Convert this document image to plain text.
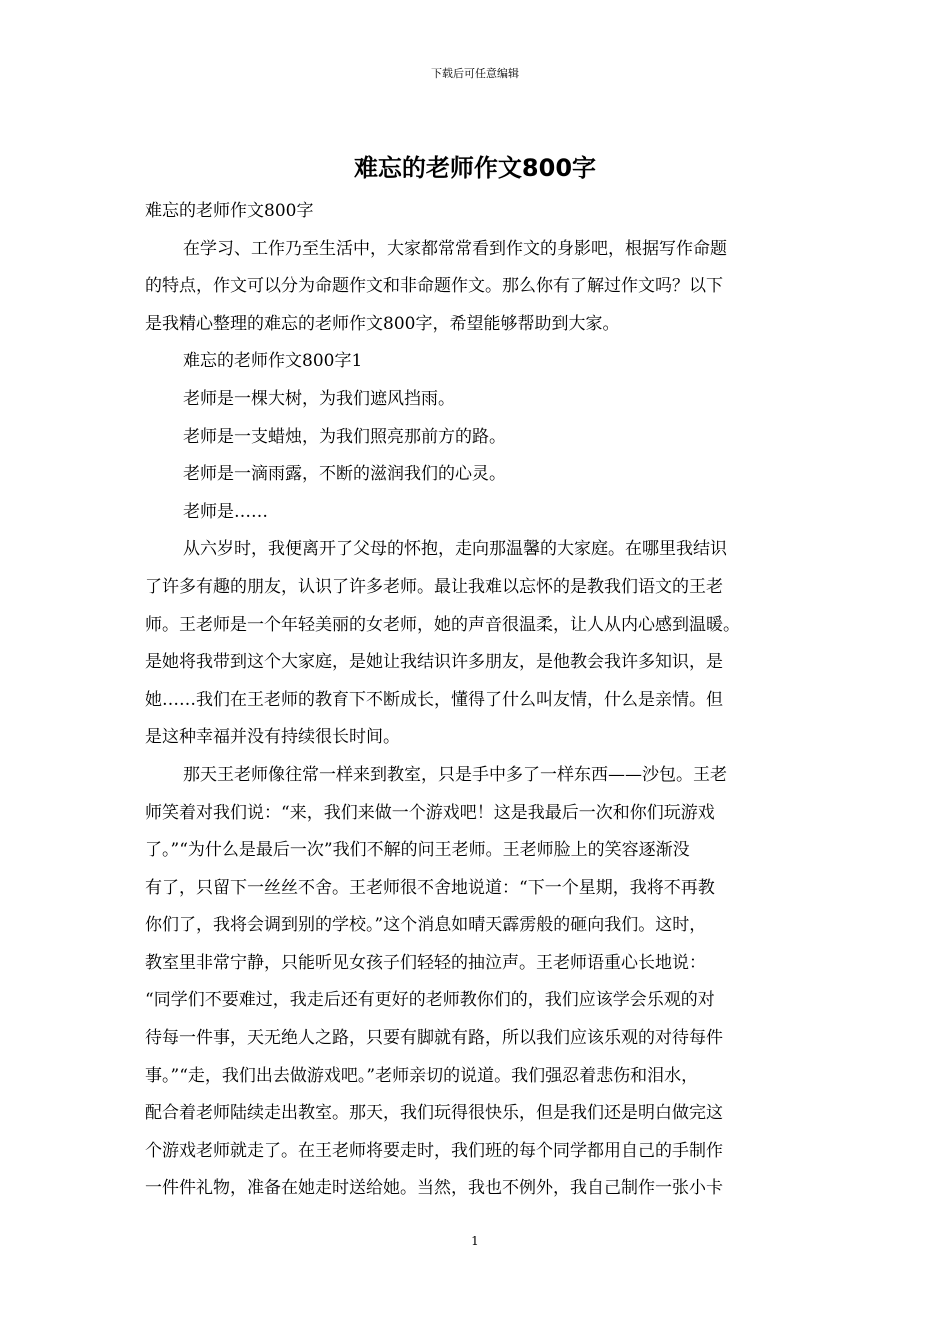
下载后可任意编辑
难忘的老师作文800字

难忘的老师作文800字

在学习、工作乃至生活中，大家都常常看到作文的身影吧，根据写作命题

的特点，作文可以分为命题作文和非命题作文。那么你有了解过作文吗？以下

是我精心整理的难忘的老师作文800字，希望能够帮助到大家。

难忘的老师作文800字1

老师是一棵大树，为我们遮风挡雨。

老师是一支蜡烛，为我们照亮那前方的路。

老师是一滴雨露，不断的滋润我们的心灵。

老师是……

从六岁时，我便离开了父母的怀抱，走向那温馨的大家庭。在哪里我结识

了许多有趣的朋友，认识了许多老师。最让我难以忘怀的是教我们语文的王老

师。王老师是一个年轻美丽的女老师，她的声音很温柔，让人从内心感到温暖。

是她将我带到这个大家庭，是她让我结识许多朋友，是他教会我许多知识，是

她……我们在王老师的教育下不断成长，懂得了什么叫友情，什么是亲情。但

是这种幸福并没有持续很长时间。

那天王老师像往常一样来到教室，只是手中多了一样东西——沙包。王老

师笑着对我们说：“来，我们来做一个游戏吧！这是我最后一次和你们玩游戏

了。”“为什么是最后一次”我们不解的问王老师。王老师脸上的笑容逐渐没

有了，只留下一丝丝不舍。王老师很不舍地说道：“下一个星期，我将不再教

你们了，我将会调到别的学校。”这个消息如晴天霹雳般的砸向我们。这时，

教室里非常宁静，只能听见女孩子们轻轻的抽泣声。王老师语重心长地说：

“同学们不要难过，我走后还有更好的老师教你们的，我们应该学会乐观的对

待每一件事，天无绝人之路，只要有脚就有路，所以我们应该乐观的对待每件

事。”“走，我们出去做游戏吧。”老师亲切的说道。我们强忍着悲伤和泪水，

配合着老师陆续走出教室。那天，我们玩得很快乐，但是我们还是明白做完这

个游戏老师就走了。在王老师将要走时，我们班的每个同学都用自己的手制作

一件件礼物，准备在她走时送给她。当然，我也不例外，我自己制作一张小卡

1
